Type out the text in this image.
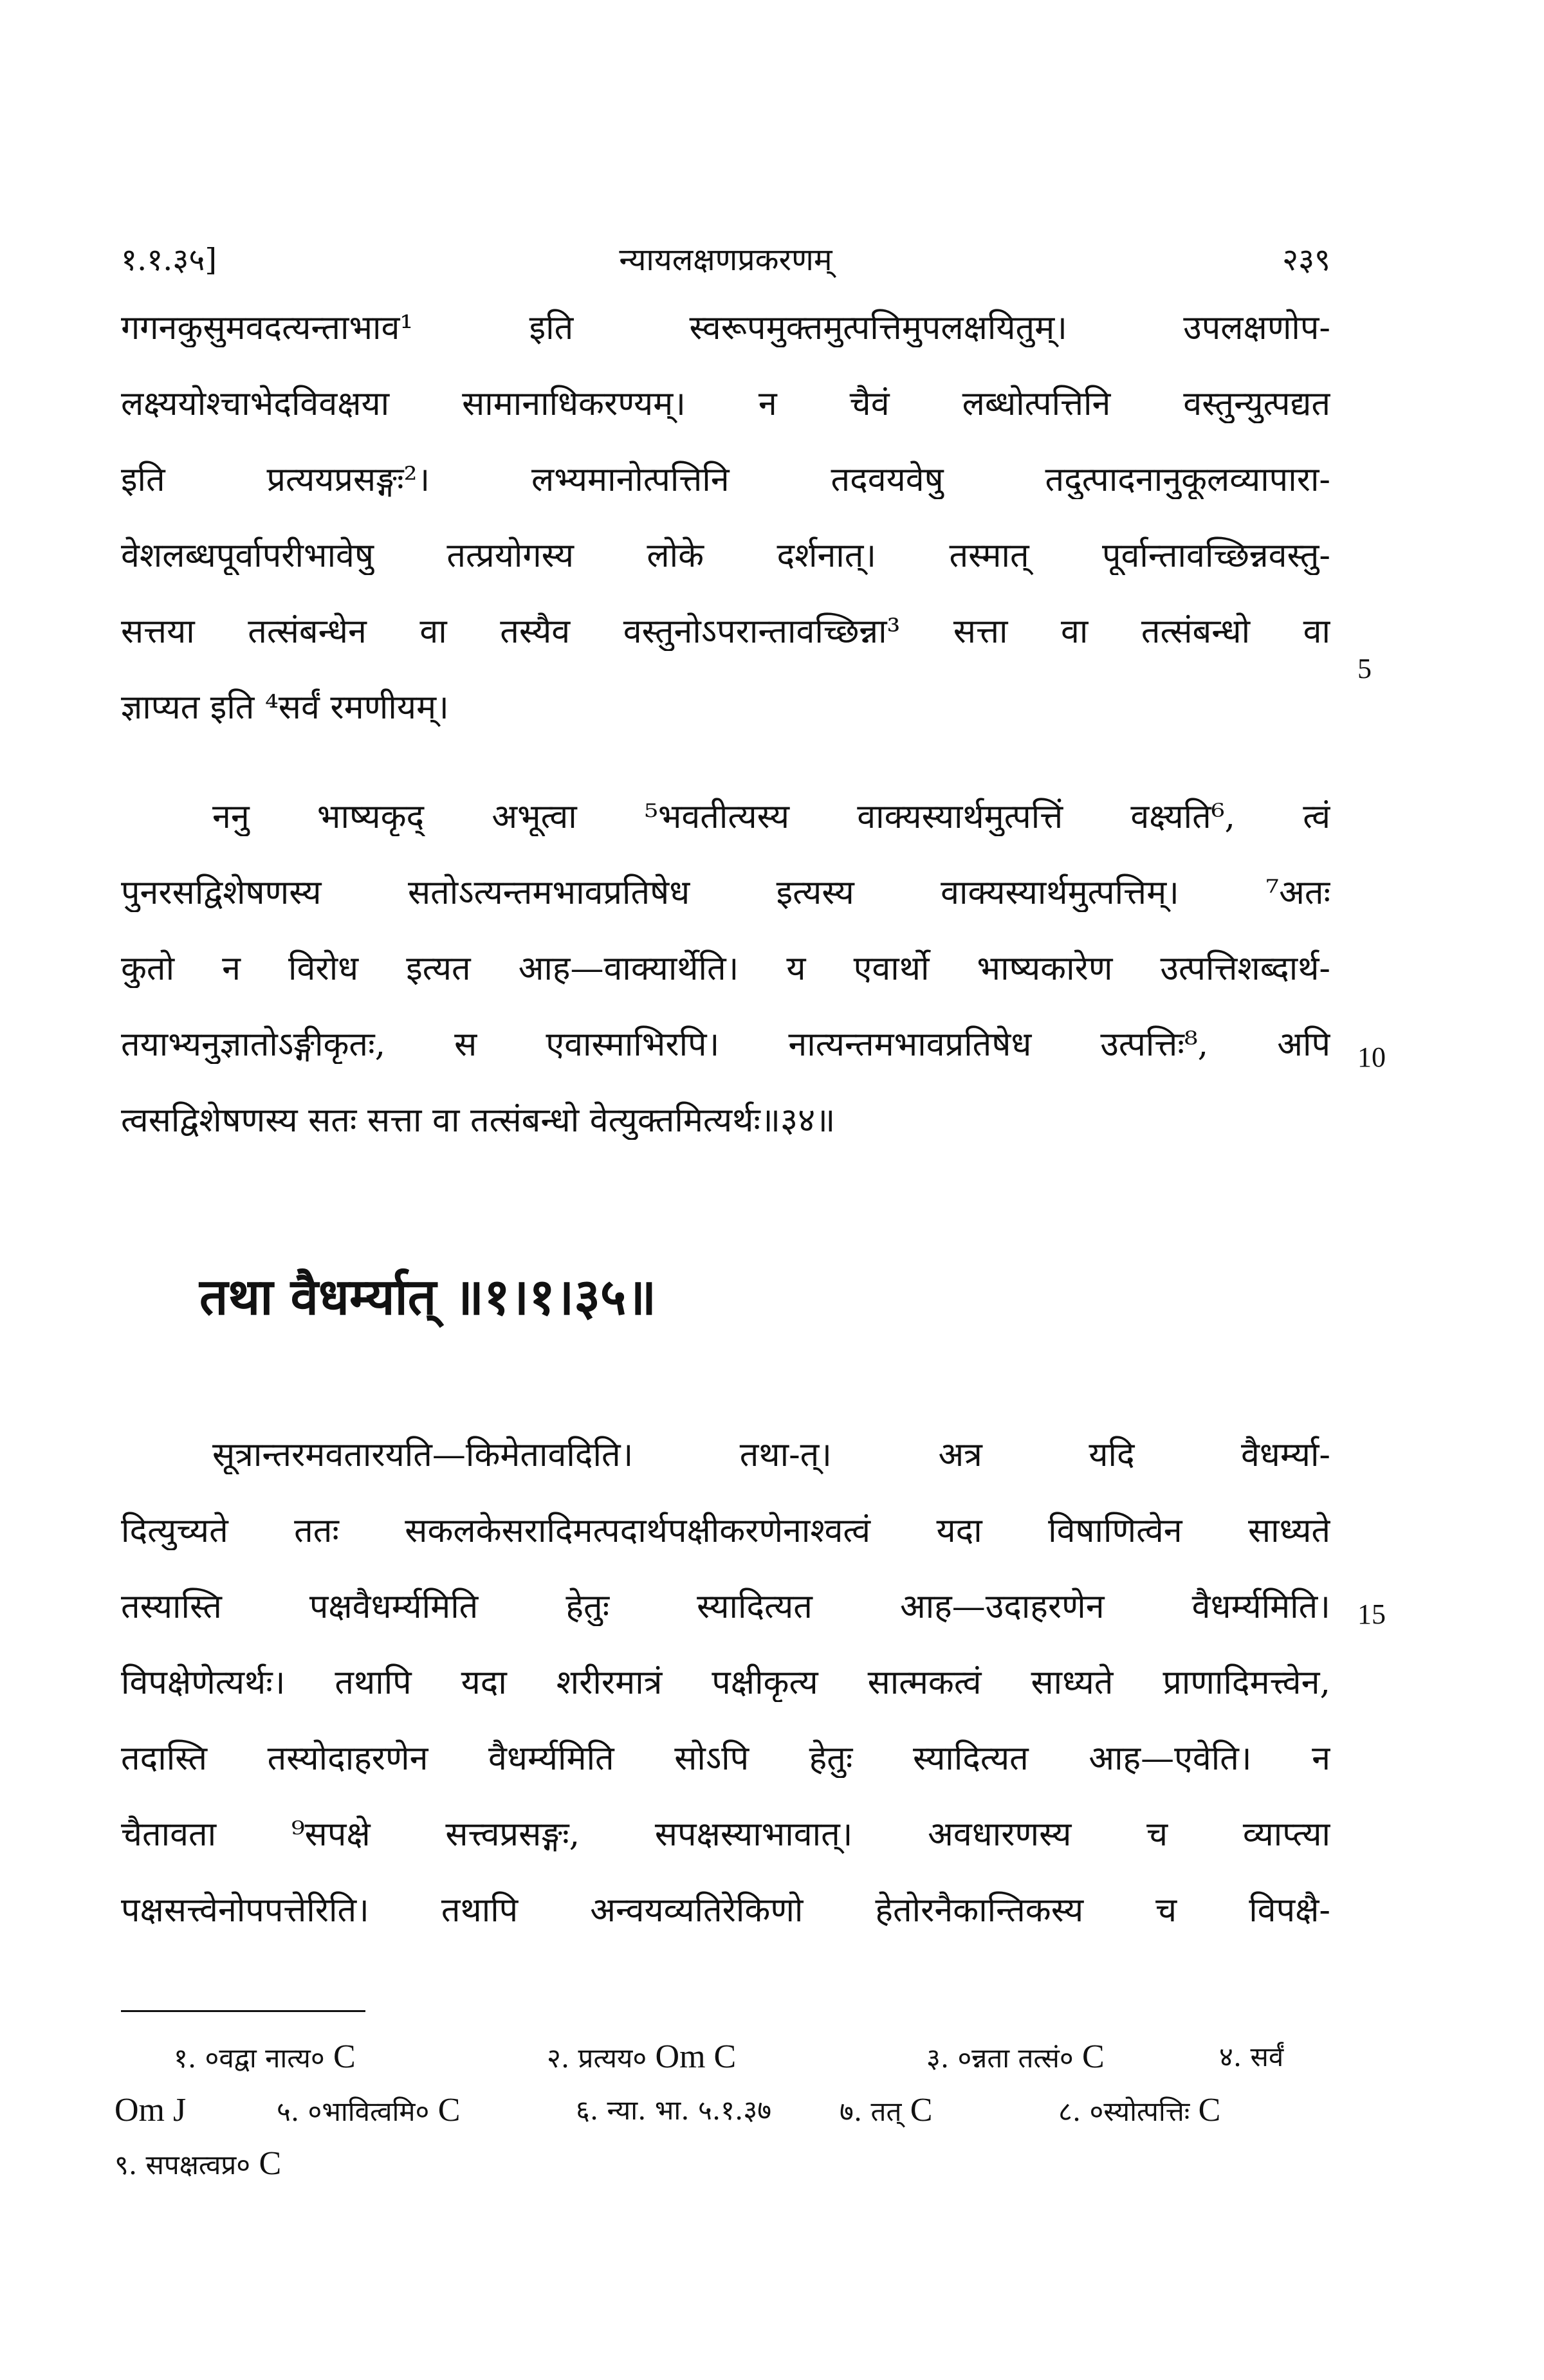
न्यायलक्षणप्रकरणम्
१.१.३५]	२३९
गगनकुसुमवदत्यन्ताभाव¹ इति स्वरूपमुक्तमुत्पत्तिमुपलक्षयितुम्। उपलक्षणोप-
लक्ष्ययोश्चाभेदविवक्षया सामानाधिकरण्यम्। न चैवं लब्धोत्पत्तिनि वस्तुन्युत्पद्यत
इति प्रत्ययप्रसङ्गः²। लभ्यमानोत्पत्तिनि तदवयवेषु तदुत्पादनानुकूलव्यापारा-
वेशलब्धपूर्वापरीभावेषु तत्प्रयोगस्य लोके दर्शनात्। तस्मात् पूर्वान्तावच्छिन्नवस्तु-
सत्तया तत्संबन्धेन वा तस्यैव वस्तुनोऽपरान्तावच्छिन्ना³ सत्ता वा तत्संबन्धो वा
ज्ञाप्यत इति ⁴सर्वं रमणीयम्।
5
ननु भाष्यकृद् अभूत्वा ⁵भवतीत्यस्य वाक्यस्यार्थमुत्पत्तिं वक्ष्यति⁶, त्वं
पुनरसद्विशेषणस्य सतोऽत्यन्तमभावप्रतिषेध इत्यस्य वाक्यस्यार्थमुत्पत्तिम्। ⁷अतः
कुतो न विरोध इत्यत आह—वाक्यार्थेति। य एवार्थो भाष्यकारेण उत्पत्तिशब्दार्थ-
तयाभ्यनुज्ञातोऽङ्गीकृतः, स एवास्माभिरपि। नात्यन्तमभावप्रतिषेध उत्पत्तिः⁸, अपि
त्वसद्विशेषणस्य सतः सत्ता वा तत्संबन्धो वेत्युक्तमित्यर्थः॥३४॥
10
तथा वैधर्म्यात् ॥१।१।३५॥
सूत्रान्तरमवतारयति—किमेतावदिति। तथा-त्। अत्र यदि वैधर्म्या-
दित्युच्यते ततः सकलकेसरादिमत्पदार्थपक्षीकरणेनाश्वत्वं यदा विषाणित्वेन साध्यते
तस्यास्ति पक्षवैधर्म्यमिति हेतुः स्यादित्यत आह—उदाहरणेन वैधर्म्यमिति।
विपक्षेणेत्यर्थः। तथापि यदा शरीरमात्रं पक्षीकृत्य सात्मकत्वं साध्यते प्राणादिमत्त्वेन,
तदास्ति तस्योदाहरणेन वैधर्म्यमिति सोऽपि हेतुः स्यादित्यत आह—एवेति। न
चैतावता ⁹सपक्षे सत्त्वप्रसङ्गः, सपक्षस्याभावात्। अवधारणस्य च व्याप्त्या
पक्षसत्त्वेनोपपत्तेरिति। तथापि अन्वयव्यतिरेकिणो हेतोरनैकान्तिकस्य च विपक्षै-
15
१. ०वद्वा नात्य० C	२. प्रत्यय० Om C	३. ०न्नता तत्सं० C	४. सर्वं
Om J	५. ०भावित्वमि० C	६. न्या. भा. ५.१.३७	७. तत् C	८. ०स्योत्पत्तिः C
९. सपक्षत्वप्र० C
